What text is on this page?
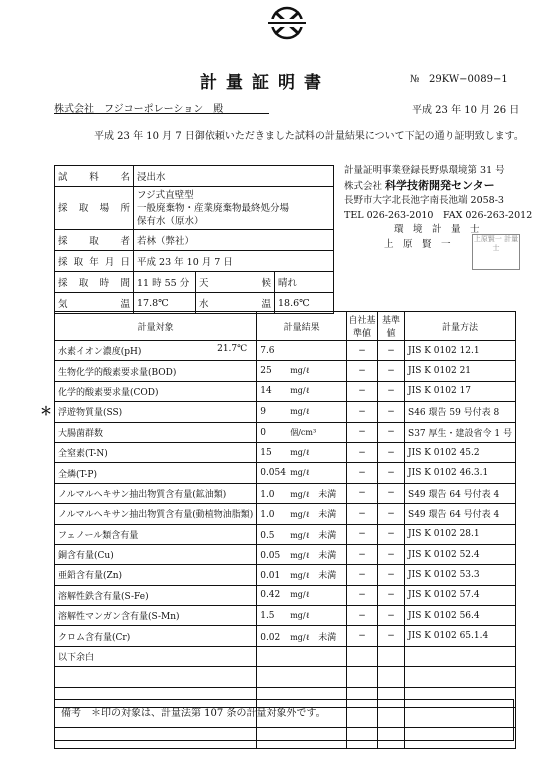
計量証明書	№ 29KW−0089−1
株式会社　フジコーポレーション　殿	平成 23 年 10 月 26 日
平成 23 年 10 月 7 日御依頼いただきました試料の計量結果について下記の通り証明致します。
試料名	浸出水		
採取場所	フジ式直壁型
一般廃棄物・産業廃棄物最終処分場
保有水（原水）		

採取者	若林（弊社）		
採取年月日	平成 23 年 10 月 7 日		
採取時間	11 時 55 分	天候	晴れ
気温	17.8℃	水温	18.6℃
計量証明事業登録長野県環境第 31 号
株式会社 科学技術開発センター
長野市大字北長池字南長池端 2058-3
TEL 026-263-2010　FAX 026-263-2012
環　境　計　量　士
上　原　賢　一	上原賢一 計量士
＊
計量対象	計量結果	自社基準値	基準値	計量方法
水素イオン濃度(pH) 21.7℃	7.6	−	−	JIS K 0102 12.1
生物化学的酸素要求量(BOD)	25 mg/ℓ	−	−	JIS K 0102 21
化学的酸素要求量(COD)	14 mg/ℓ	−	−	JIS K 0102 17
浮遊物質量(SS)	9 mg/ℓ	−	−	S46 環告 59 号付表 8
大腸菌群数	0 個/cm³	−	−	S37 厚生・建設省令 1 号
全窒素(T-N)	15 mg/ℓ	−	−	JIS K 0102 45.2
全燐(T-P)	0.054 mg/ℓ	−	−	JIS K 0102 46.3.1
ノルマルヘキサン抽出物質含有量(鉱油類)	1.0 mg/ℓ 未満	−	−	S49 環告 64 号付表 4
ノルマルヘキサン抽出物質含有量(動植物油脂類)	1.0 mg/ℓ 未満	−	−	S49 環告 64 号付表 4
フェノール類含有量	0.5 mg/ℓ 未満	−	−	JIS K 0102 28.1
銅含有量(Cu)	0.05 mg/ℓ 未満	−	−	JIS K 0102 52.4
亜鉛含有量(Zn)	0.01 mg/ℓ 未満	−	−	JIS K 0102 53.3
溶解性鉄含有量(S-Fe)	0.42 mg/ℓ	−	−	JIS K 0102 57.4
溶解性マンガン含有量(S-Mn)	1.5 mg/ℓ	−	−	JIS K 0102 56.4
クロム含有量(Cr)	0.02 mg/ℓ 未満	−	−	JIS K 0102 65.1.4
以下余白				

備考　＊印の対象は、計量法第 107 条の計量対象外です。
